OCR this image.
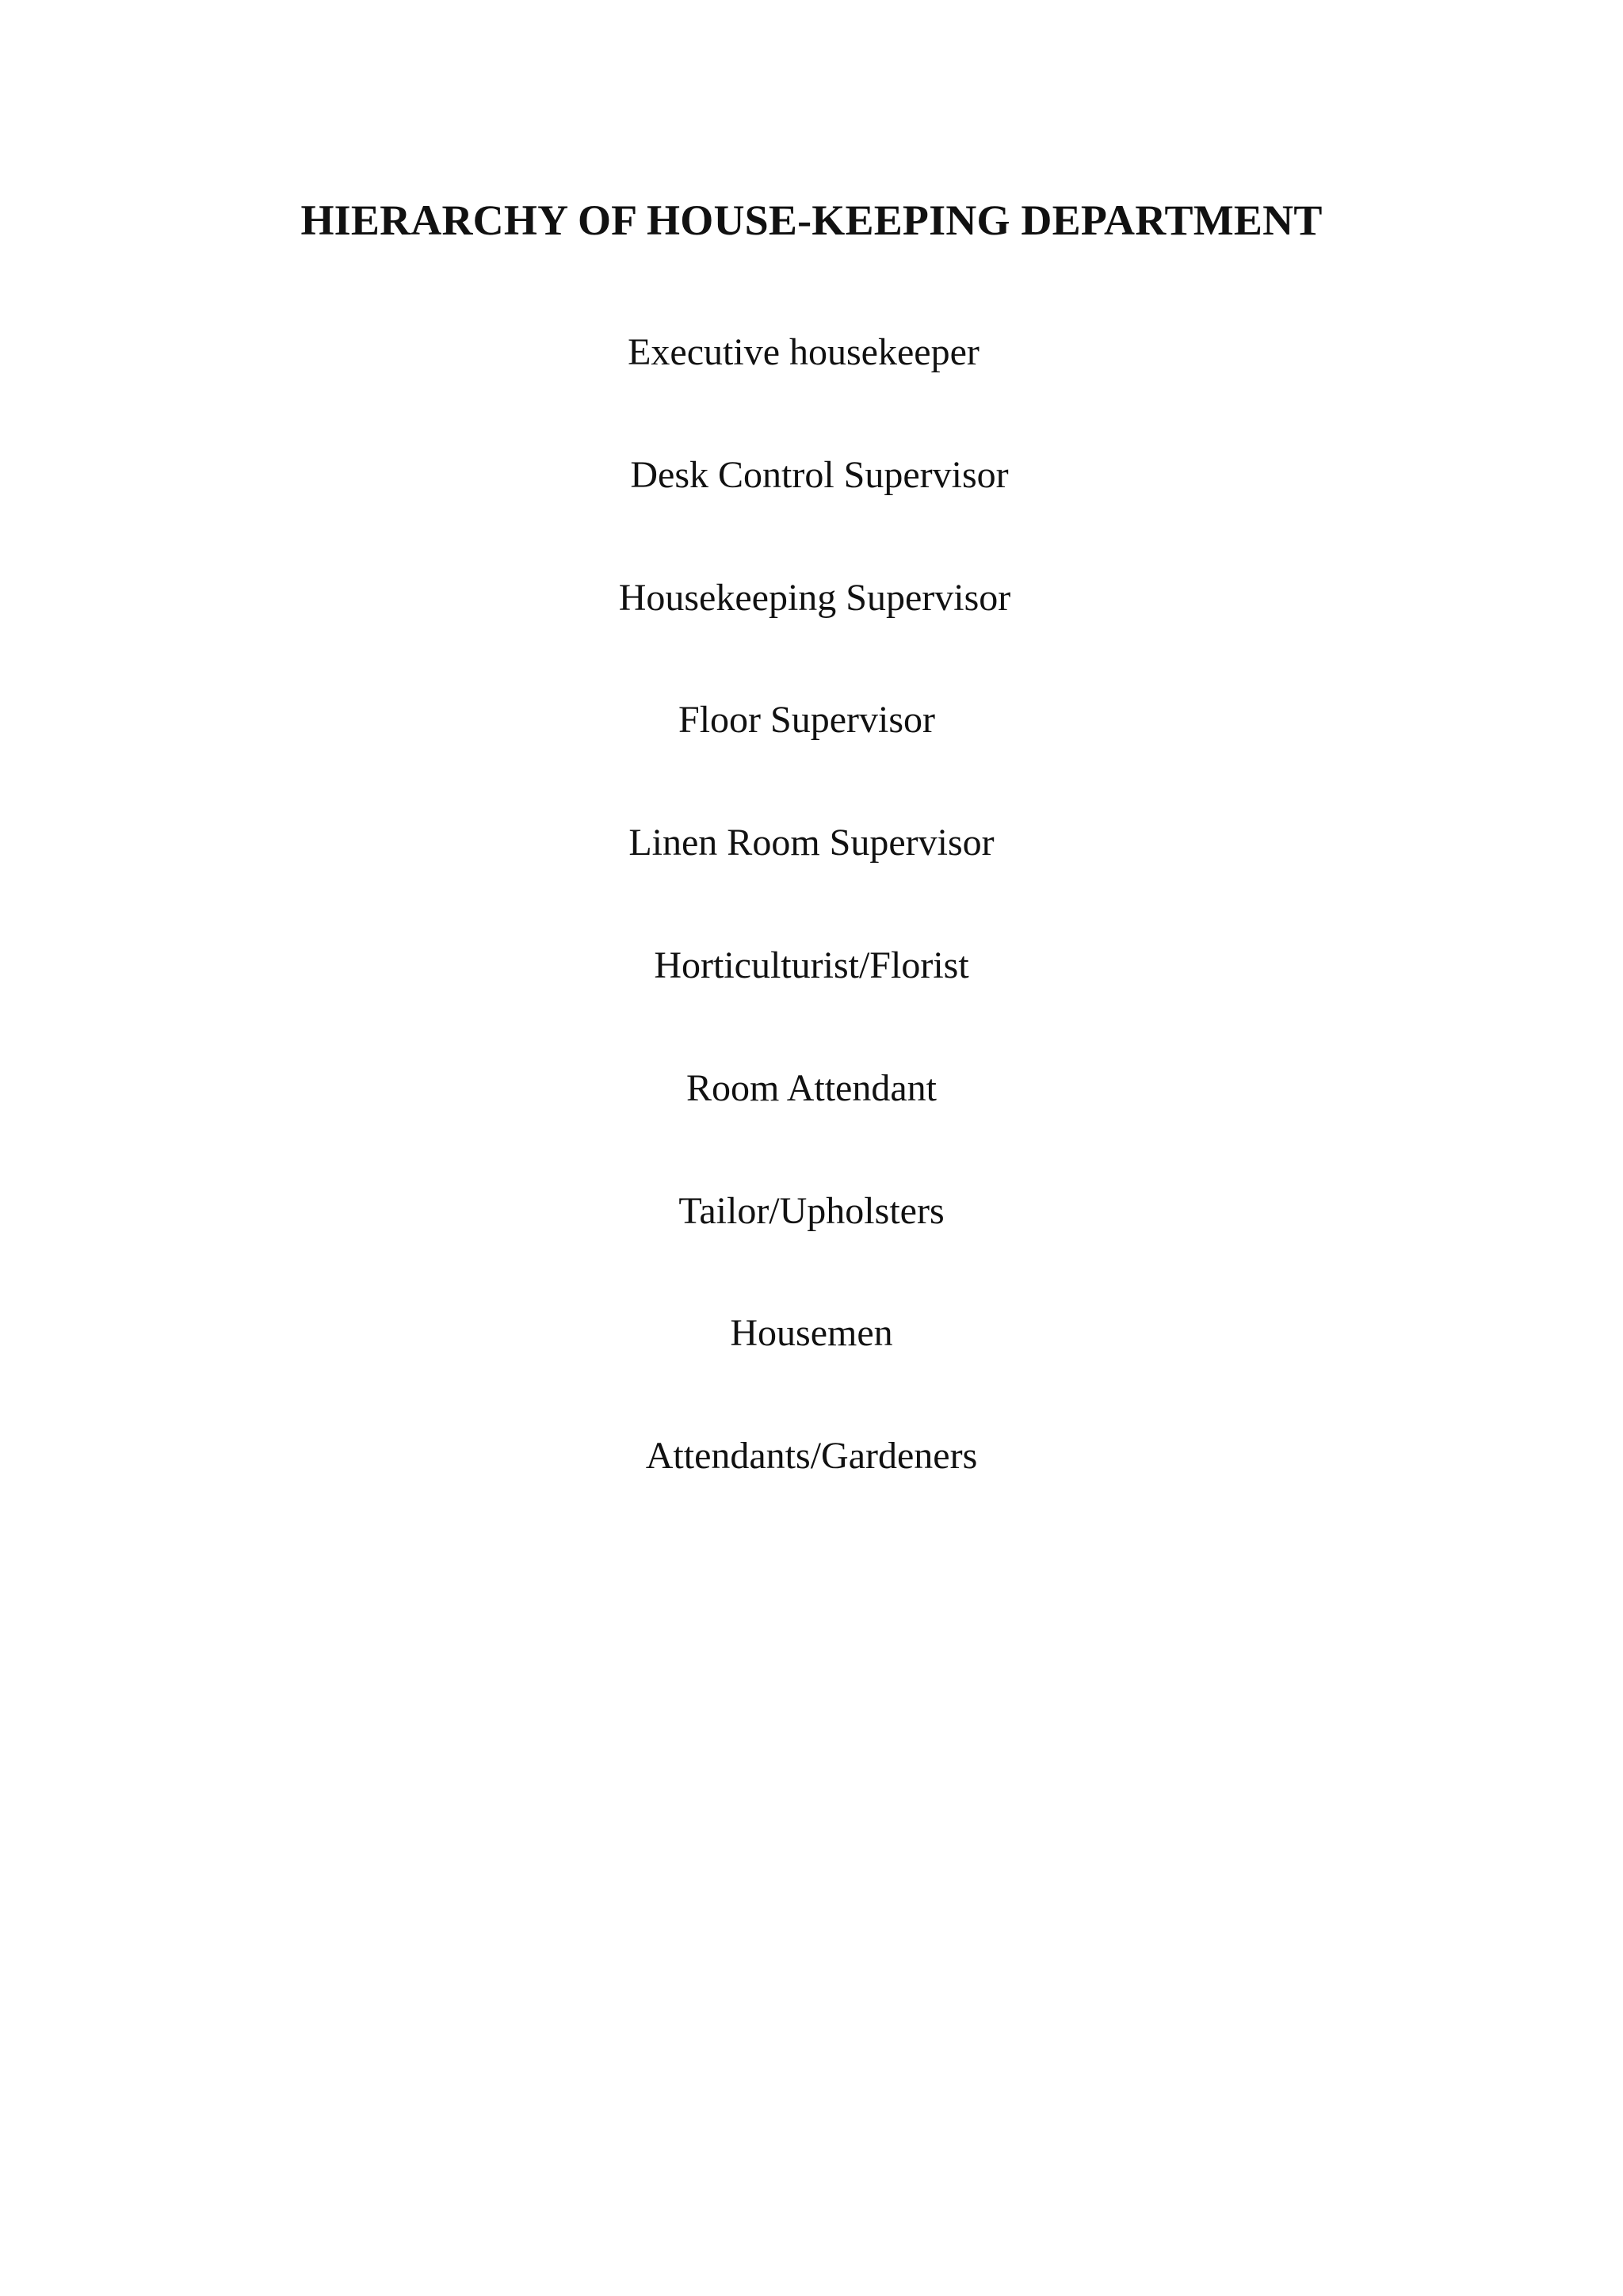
HIERARCHY OF HOUSE-KEEPING DEPARTMENT
Executive housekeeper
Desk Control Supervisor
Housekeeping Supervisor
Floor Supervisor
Linen Room Supervisor
Horticulturist/Florist
Room Attendant
Tailor/Upholsters
Housemen
Attendants/Gardeners
